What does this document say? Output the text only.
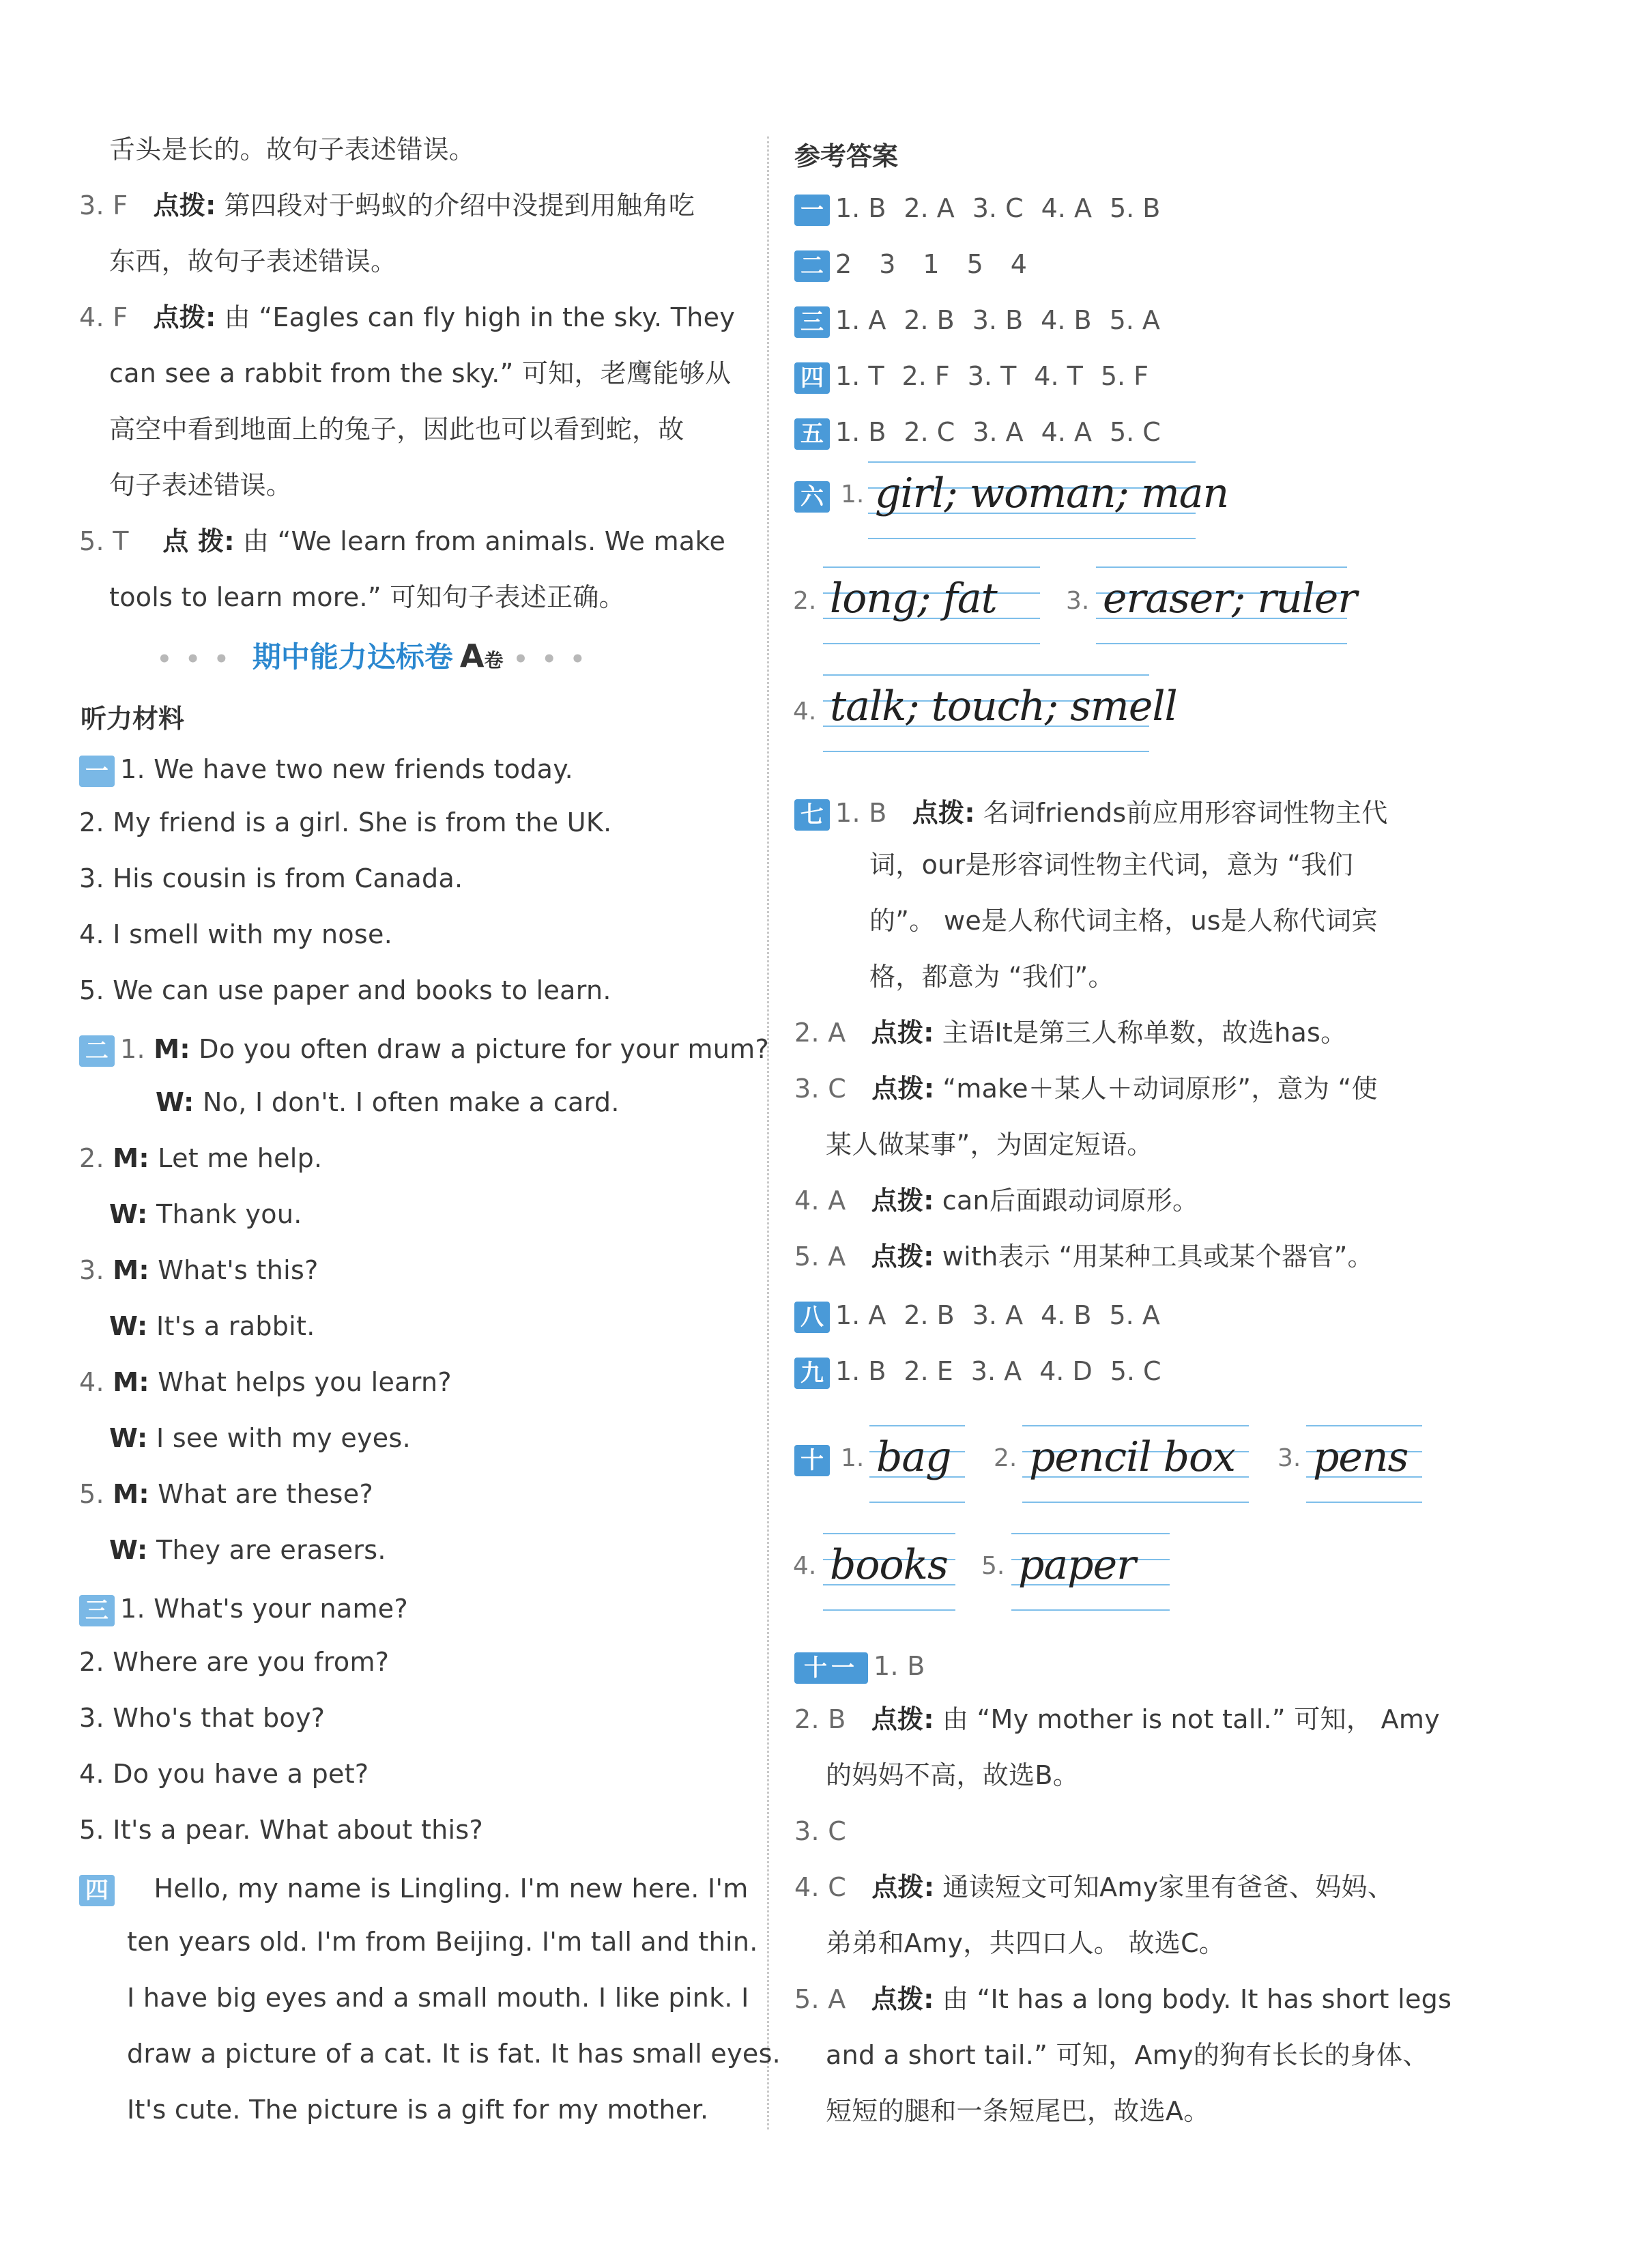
舌头是长的。故句子表述错误。
3. F 点拨: 第四段对于蚂蚁的介绍中没提到用触角吃
东西，故句子表述错误。
4. F 点拨: 由 “Eagles can fly high in the sky. They
can see a rabbit from the sky.” 可知，老鹰能够从
高空中看到地面上的兔子，因此也可以看到蛇，故
句子表述错误。
5. T 点 拨: 由 “We learn from animals. We make
tools to learn more.” 可知句子表述正确。
••• 期中能力达标卷 A卷 •••
听力材料
一 1. We have two new friends today.
2. My friend is a girl. She is from the UK.
3. His cousin is from Canada.
4. I smell with my nose.
5. We can use paper and books to learn.
二 1. M: Do you often draw a picture for your mum?
W: No, I don't. I often make a card.
2. M: Let me help.
W: Thank you.
3. M: What's this?
W: It's a rabbit.
4. M: What helps you learn?
W: I see with my eyes.
5. M: What are these?
W: They are erasers.
三 1. What's your name?
2. Where are you from?
3. Who's that boy?
4. Do you have a pet?
5. It's a pear. What about this?
四 Hello, my name is Lingling. I'm new here. I'm
ten years old. I'm from Beijing. I'm tall and thin.
I have big eyes and a small mouth. I like pink. I
draw a picture of a cat. It is fat. It has small eyes.
It's cute. The picture is a gift for my mother.
参考答案
一 1. B 2. A 3. C 4. A 5. B
二 2 3 1 5 4
三 1. A 2. B 3. B 4. B 5. A
四 1. T 2. F 3. T 4. T 5. F
五 1. B 2. C 3. A 4. A 5. C
六 1. girl; woman; man
2. long; fat	3. eraser; ruler
4. talk; touch; smell
七 1. B 点拨: 名词friends前应用形容词性物主代
词，our是形容词性物主代词，意为 “我们
的”。 we是人称代词主格，us是人称代词宾
格，都意为 “我们”。
2. A 点拨: 主语It是第三人称单数，故选has。
3. C 点拨: “make＋某人＋动词原形”，意为 “使
某人做某事”，为固定短语。
4. A 点拨: can后面跟动词原形。
5. A 点拨: with表示 “用某种工具或某个器官”。
八 1. A 2. B 3. A 4. B 5. A
九 1. B 2. E 3. A 4. D 5. C
十 1. bag 2. pencil box 3. pens
4. books 5. paper
十一 1. B
2. B 点拨: 由 “My mother is not tall.” 可知， Amy
的妈妈不高，故选B。
3. C
4. C 点拨: 通读短文可知Amy家里有爸爸、妈妈、
弟弟和Amy，共四口人。 故选C。
5. A 点拨: 由 “It has a long body. It has short legs
and a short tail.” 可知，Amy的狗有长长的身体、
短短的腿和一条短尾巴，故选A。
